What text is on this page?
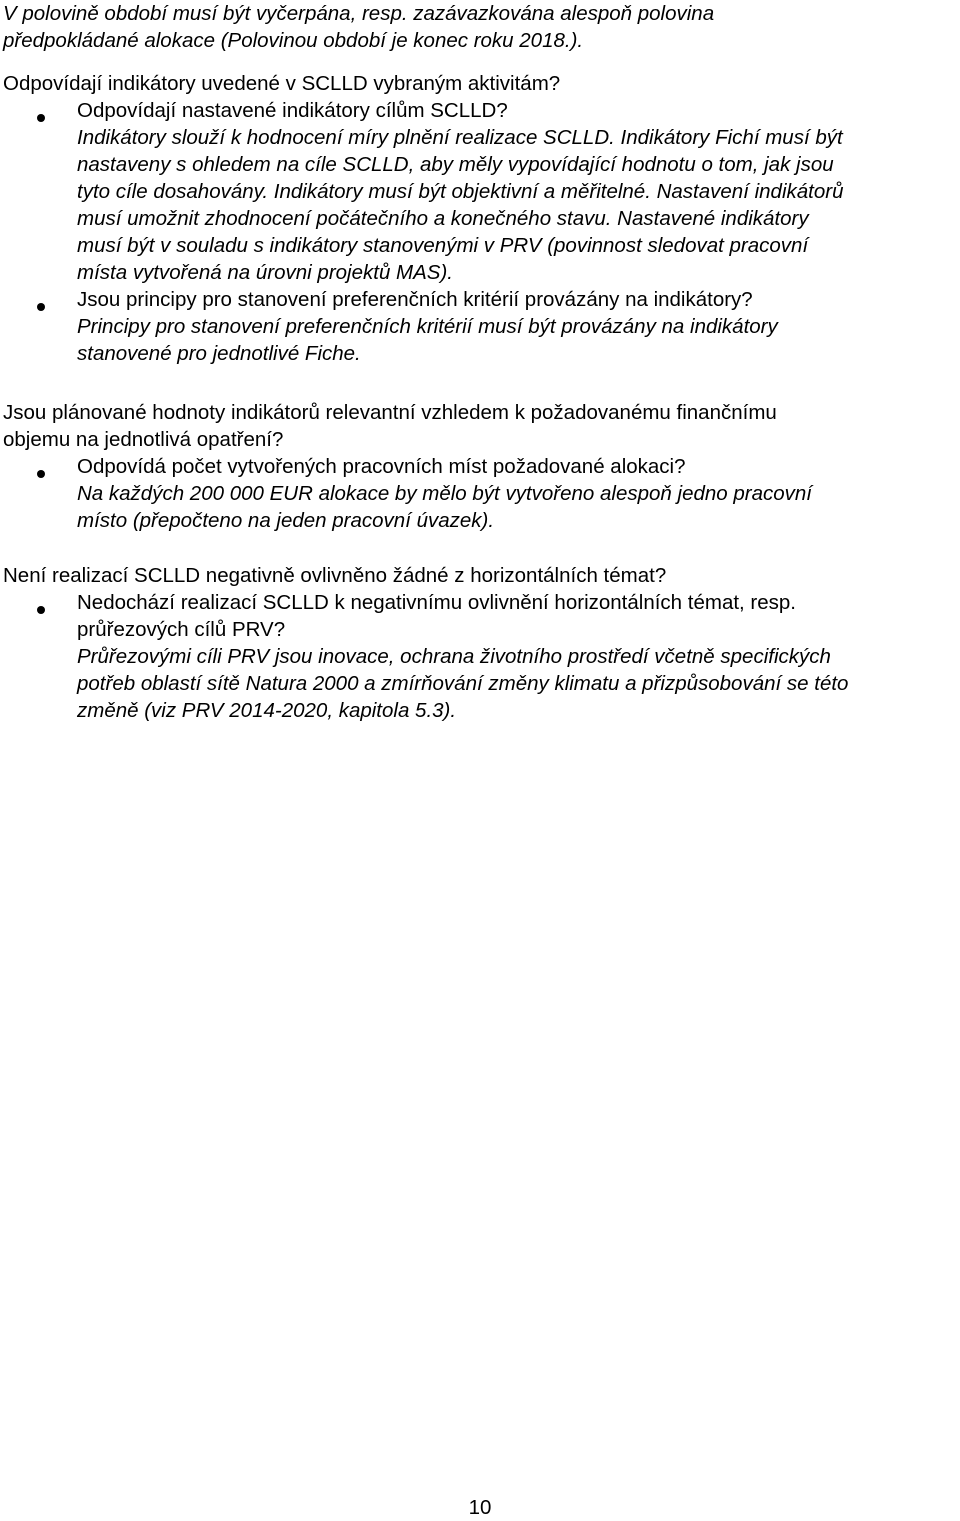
V polovině období musí být vyčerpána, resp. zazávazkována alespoň polovina
předpokládané alokace (Polovinou období je konec roku 2018.).
Odpovídají indikátory uvedené v SCLLD vybraným aktivitám?
Odpovídají nastavené indikátory cílům SCLLD?
Indikátory slouží k hodnocení míry plnění realizace SCLLD. Indikátory Fichí musí být
nastaveny s ohledem na cíle SCLLD, aby měly vypovídající hodnotu o tom, jak jsou
tyto cíle dosahovány. Indikátory musí být objektivní a měřitelné. Nastavení indikátorů
musí umožnit zhodnocení počátečního a konečného stavu. Nastavené indikátory
musí být v souladu s indikátory stanovenými v PRV (povinnost sledovat pracovní
místa vytvořená na úrovni projektů MAS).
Jsou principy pro stanovení preferenčních kritérií provázány na indikátory?
Principy pro stanovení preferenčních kritérií musí být provázány na indikátory
stanovené pro jednotlivé Fiche.
Jsou plánované hodnoty indikátorů relevantní vzhledem k požadovanému finančnímu
objemu na jednotlivá opatření?
Odpovídá počet vytvořených pracovních míst požadované alokaci?
Na každých 200 000 EUR alokace by mělo být vytvořeno alespoň jedno pracovní
místo (přepočteno na jeden pracovní úvazek).
Není realizací SCLLD negativně ovlivněno žádné z horizontálních témat?
Nedochází realizací SCLLD k negativnímu ovlivnění horizontálních témat, resp.
průřezových cílů PRV?
Průřezovými cíli PRV jsou inovace, ochrana životního prostředí včetně specifických
potřeb oblastí sítě Natura 2000 a zmírňování změny klimatu a přizpůsobování se této
změně (viz PRV 2014-2020, kapitola 5.3).
10
